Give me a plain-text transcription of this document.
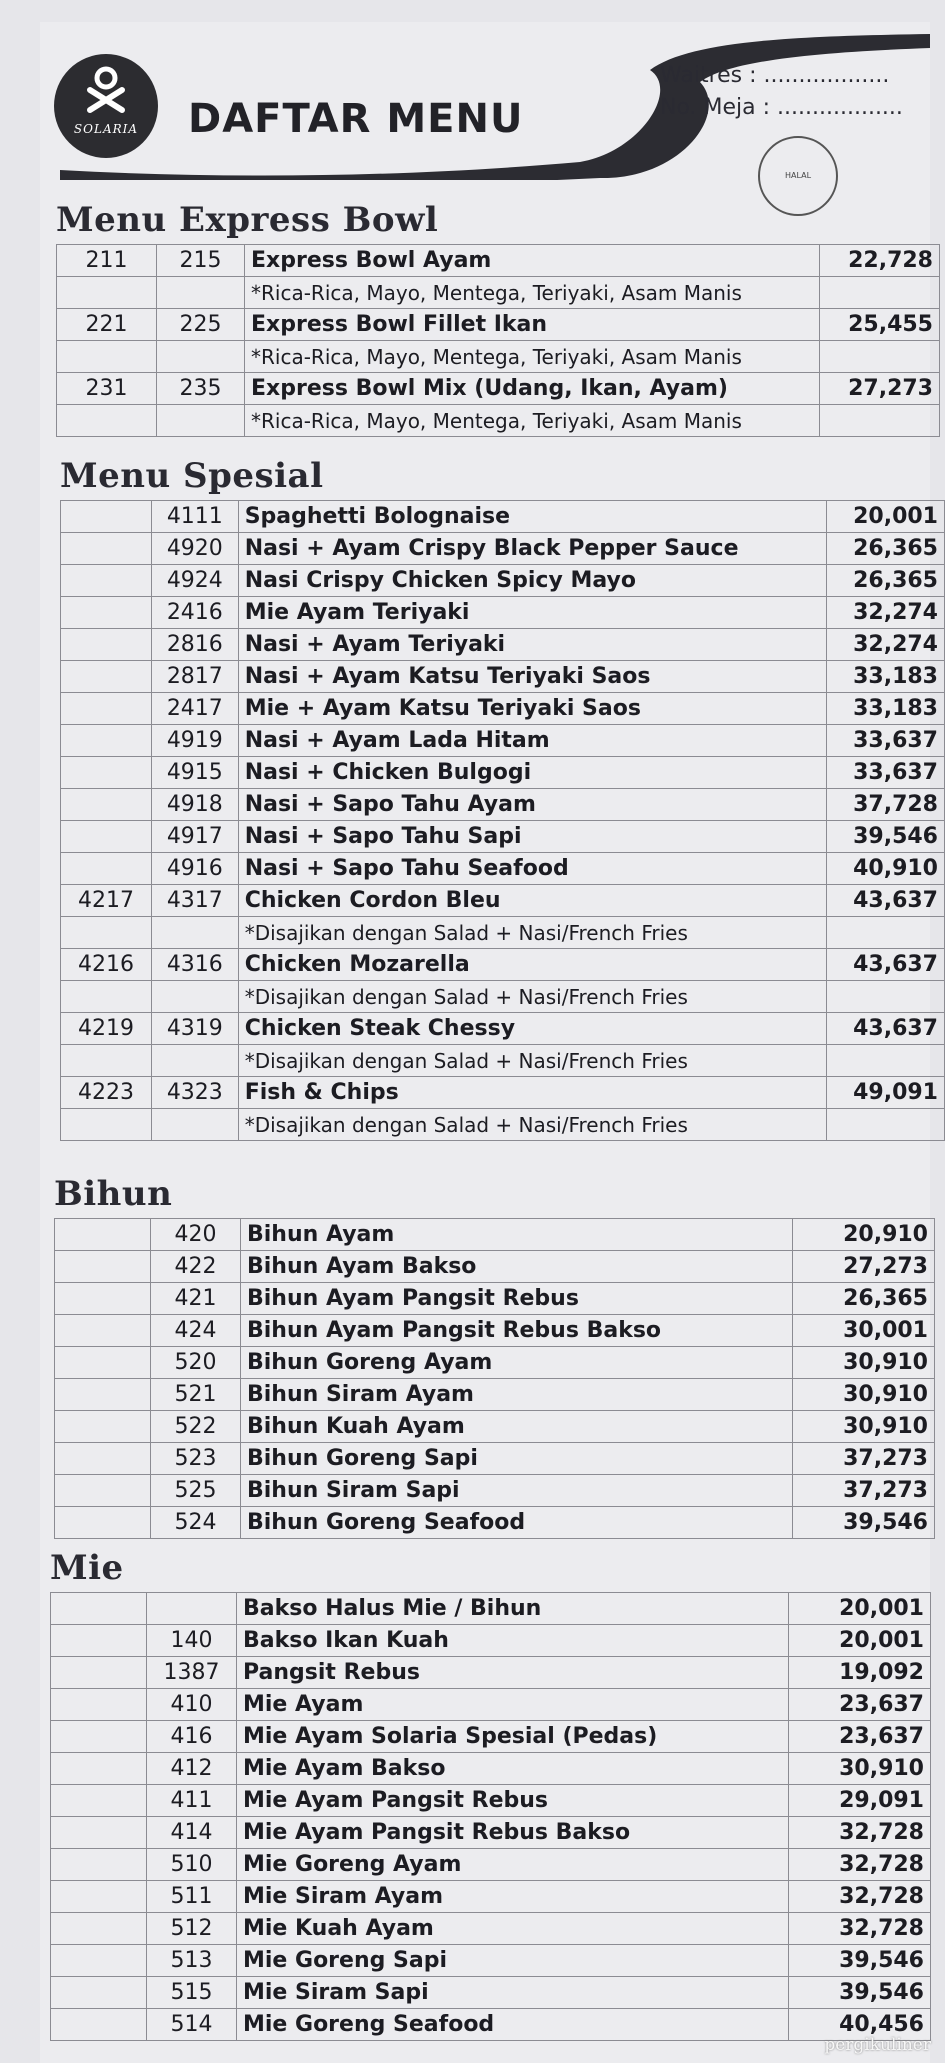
SOLARIA	DAFTAR MENU
Waitres : ..................
No. Meja : ..................
HALAL
Menu Express Bowl
211	215	Express Bowl Ayam	22,728
		*Rica-Rica, Mayo, Mentega, Teriyaki, Asam Manis	
221	225	Express Bowl Fillet Ikan	25,455
		*Rica-Rica, Mayo, Mentega, Teriyaki, Asam Manis	
231	235	Express Bowl Mix (Udang, Ikan, Ayam)	27,273
		*Rica-Rica, Mayo, Mentega, Teriyaki, Asam Manis	
Menu Spesial
	4111	Spaghetti Bolognaise	20,001
	4920	Nasi + Ayam Crispy Black Pepper Sauce	26,365
	4924	Nasi Crispy Chicken Spicy Mayo	26,365
	2416	Mie Ayam Teriyaki	32,274
	2816	Nasi + Ayam Teriyaki	32,274
	2817	Nasi + Ayam Katsu Teriyaki Saos	33,183
	2417	Mie + Ayam Katsu Teriyaki Saos	33,183
	4919	Nasi + Ayam Lada Hitam	33,637
	4915	Nasi + Chicken Bulgogi	33,637
	4918	Nasi + Sapo Tahu Ayam	37,728
	4917	Nasi + Sapo Tahu Sapi	39,546
	4916	Nasi + Sapo Tahu Seafood	40,910
4217	4317	Chicken Cordon Bleu	43,637
		*Disajikan dengan Salad + Nasi/French Fries	
4216	4316	Chicken Mozarella	43,637
		*Disajikan dengan Salad + Nasi/French Fries	
4219	4319	Chicken Steak Chessy	43,637
		*Disajikan dengan Salad + Nasi/French Fries	
4223	4323	Fish & Chips	49,091
		*Disajikan dengan Salad + Nasi/French Fries	
Bihun
	420	Bihun Ayam	20,910
	422	Bihun Ayam Bakso	27,273
	421	Bihun Ayam Pangsit Rebus	26,365
	424	Bihun Ayam Pangsit Rebus Bakso	30,001
	520	Bihun Goreng Ayam	30,910
	521	Bihun Siram Ayam	30,910
	522	Bihun Kuah Ayam	30,910
	523	Bihun Goreng Sapi	37,273
	525	Bihun Siram Sapi	37,273
	524	Bihun Goreng Seafood	39,546
Mie
		Bakso Halus Mie / Bihun	20,001
	140	Bakso Ikan Kuah	20,001
	1387	Pangsit Rebus	19,092
	410	Mie Ayam	23,637
	416	Mie Ayam Solaria Spesial (Pedas)	23,637
	412	Mie Ayam Bakso	30,910
	411	Mie Ayam Pangsit Rebus	29,091
	414	Mie Ayam Pangsit Rebus Bakso	32,728
	510	Mie Goreng Ayam	32,728
	511	Mie Siram Ayam	32,728
	512	Mie Kuah Ayam	32,728
	513	Mie Goreng Sapi	39,546
	515	Mie Siram Sapi	39,546
	514	Mie Goreng Seafood	40,456
pergikuliner
